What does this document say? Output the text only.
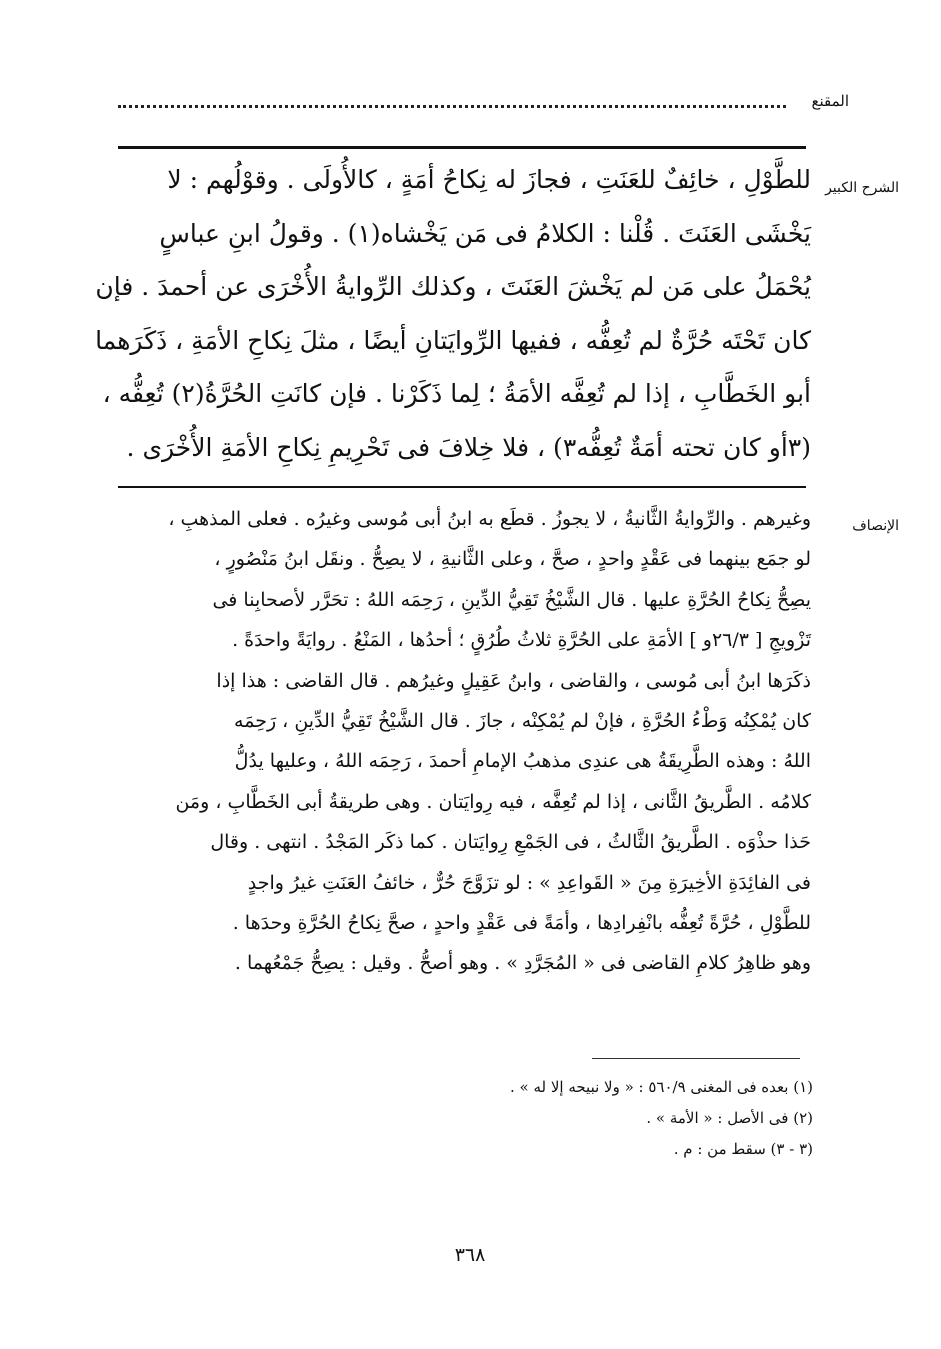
المقنع
الشرح الكبير

للطَّوْلِ ، خائِفٌ للعَنَتِ ، فجازَ له نِكاحُ أمَةٍ ، كالأُولَى . وقوْلُهم : لا

يَخْشَى العَنَتَ . قُلْنا : الكلامُ فى مَن يَخْشاه(١) . وقولُ ابنِ عباسٍ

يُحْمَلُ على مَن لم يَخْشَ العَنَتَ ، وكذلك الرِّوايةُ الأُخْرَى عن أحمدَ . فإن

كان تَحْتَه حُرَّةٌ لم تُعِفُّه ، ففيها الرِّوايَتانِ أيضًا ، مثلَ نِكاحِ الأمَةِ ، ذَكَرَهما

أبو الخَطَّابِ ، إذا لم تُعِفَّه الأمَةُ ؛ لِما ذَكَرْنا . فإن كانَتِ الحُرَّةُ(٢) تُعِفُّه ،

(٣أو كان تحته أمَةٌ تُعِفُّه٣) ، فلا خِلافَ فى تَحْرِيمِ نِكاحِ الأمَةِ الأُخْرَى .

الإنصاف

وغيرهم . والرِّوايةُ الثَّانيةُ ، لا يجوزُ . قطَع به ابنُ أبى مُوسى وغيرُه . فعلى المذهبِ ،

لو جمَع بينهما فى عَقْدٍ واحدٍ ، صحَّ ، وعلى الثَّانيةِ ، لا يصِحُّ . ونقَل ابنُ مَنْصُورٍ ،

يصِحُّ نِكاحُ الحُرَّةِ عليها . قال الشَّيْخُ تَقِيُّ الدِّينِ ، رَحِمَه اللهُ : تحَرَّر لأصحابِنا فى

تَزْويجِ [ ٢٦/٣و ] الأمَةِ على الحُرَّةِ ثلاثُ طُرُقٍ ؛ أحدُها ، المَنْعُ . روايَةً واحدَةً .

ذكَرَها ابنُ أبى مُوسى ، والقاضى ، وابنُ عَقِيلٍ وغيرُهم . قال القاضى : هذا إذا

كان يُمْكِنُه وَطْءُ الحُرَّةِ ، فإنْ لم يُمْكِنْه ، جازَ . قال الشَّيْخُ تَقِيُّ الدِّينِ ، رَحِمَه

اللهُ : وهذه الطَّرِيقَةُ هى عندِى مذهبُ الإمامِ أحمدَ ، رَحِمَه اللهُ ، وعليها يدُلُّ

كلامُه . الطَّريقُ الثَّانى ، إذا لم تُعِفَّه ، فيه رِوايَتان . وهى طريقةُ أبى الخَطَّابِ ، ومَن

حَذا حذْوَه . الطَّريقُ الثَّالثُ ، فى الجَمْعِ رِوايَتان . كما ذكَر المَجْدُ . انتهى . وقال

فى الفائِدَةِ الأخِيرَةِ مِنَ « القَواعِدِ » : لو تزَوَّجَ حُرٌّ ، خائفُ العَنَتِ غيرُ واجدٍ

للطَّوْلِ ، حُرَّةً تُعِفُّه بانْفِرادِها ، وأمَةً فى عَقْدٍ واحدٍ ، صحَّ نِكاحُ الحُرَّةِ وحدَها .

وهو ظاهِرُ كلامِ القاضى فى « المُجَرَّدِ » . وهو أصحُّ . وقيل : يصِحُّ جَمْعُهما .

(١) بعده فى المغنى ٥٦٠/٩ : « ولا نبيحه إلا له » .

(٢) فى الأصل : « الأمة » .

(٣ - ٣) سقط من : م .

٣٦٨
